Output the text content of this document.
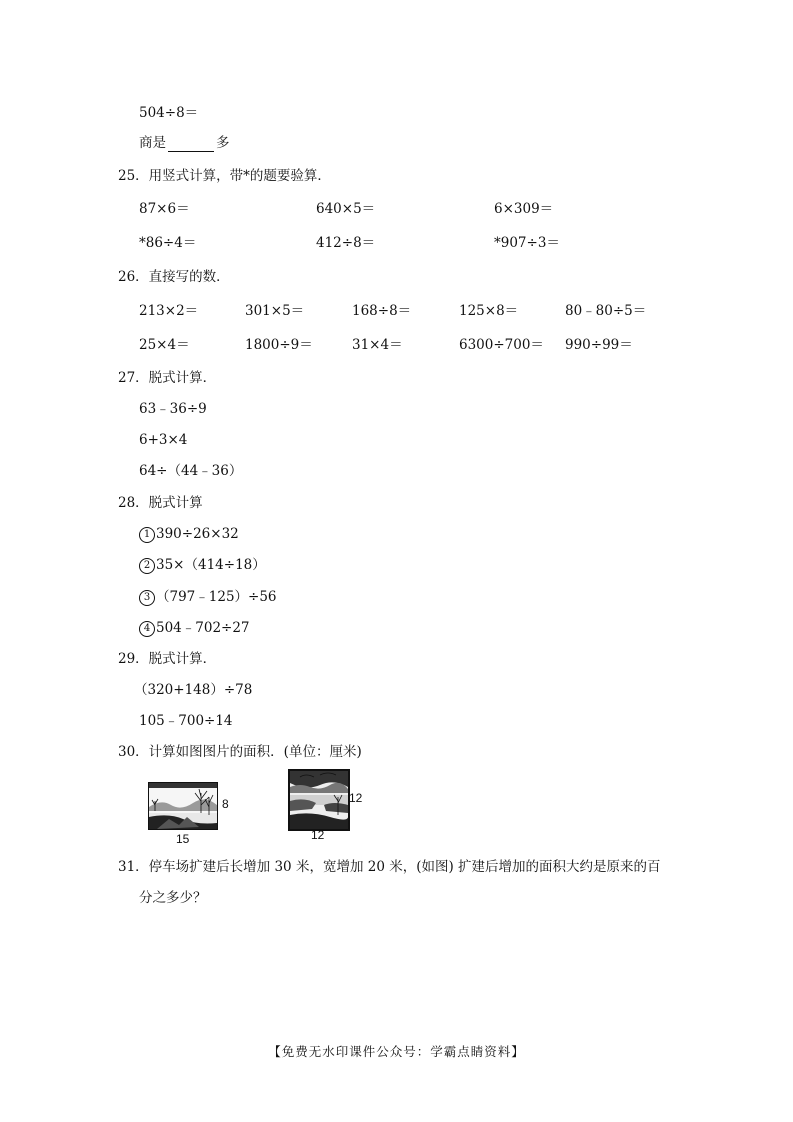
504÷8＝
商是	多
25．用竖式计算，带*的题要验算．
87×6＝	640×5＝	6×309＝
*86÷4＝	412÷8＝	*907÷3＝
26．直接写的数．
213×2＝	301×5＝	168÷8＝	125×8＝	80﹣80÷5＝
25×4＝	1800÷9＝	31×4＝	6300÷700＝ 990÷99＝
27．脱式计算．
63﹣36÷9
6+3×4
64÷（44﹣36）
28．脱式计算
1 390÷26×32
2 35×（414÷18）
3 （797﹣125）÷56
4 504﹣702÷27
29．脱式计算．
（320+148）÷78
105﹣700÷14
30．计算如图图片的面积．(单位：厘米)
8
15
12
12
31．停车场扩建后长增加 30 米，宽增加 20 米，(如图) 扩建后增加的面积大约是原来的百
分之多少？
【免费无水印课件公众号：学霸点睛资料】
